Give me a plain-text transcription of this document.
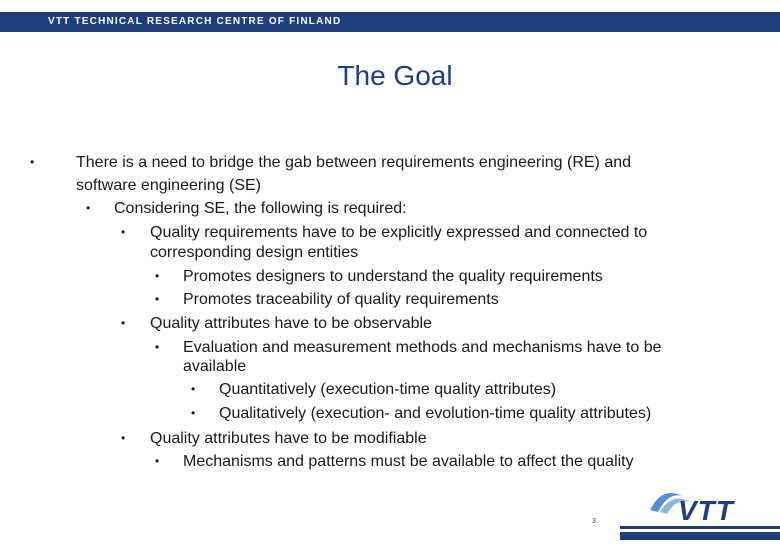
VTT TECHNICAL RESEARCH CENTRE OF FINLAND
The Goal
•	There is a need to bridge the gab between requirements engineering (RE) and
software engineering (SE)
•	Considering SE, the following is required:
•	Quality requirements have to be explicitly expressed and connected to
corresponding design entities
•	Promotes designers to understand the quality requirements
•	Promotes traceability of quality requirements
•	Quality attributes have to be observable
•	Evaluation and measurement methods and mechanisms have to be
available
•	Quantitatively (execution-time quality attributes)
•	Qualitatively (execution- and evolution-time quality attributes)
•	Quality attributes have to be modifiable
•	Mechanisms and patterns must be available to affect the quality
3	VTT
